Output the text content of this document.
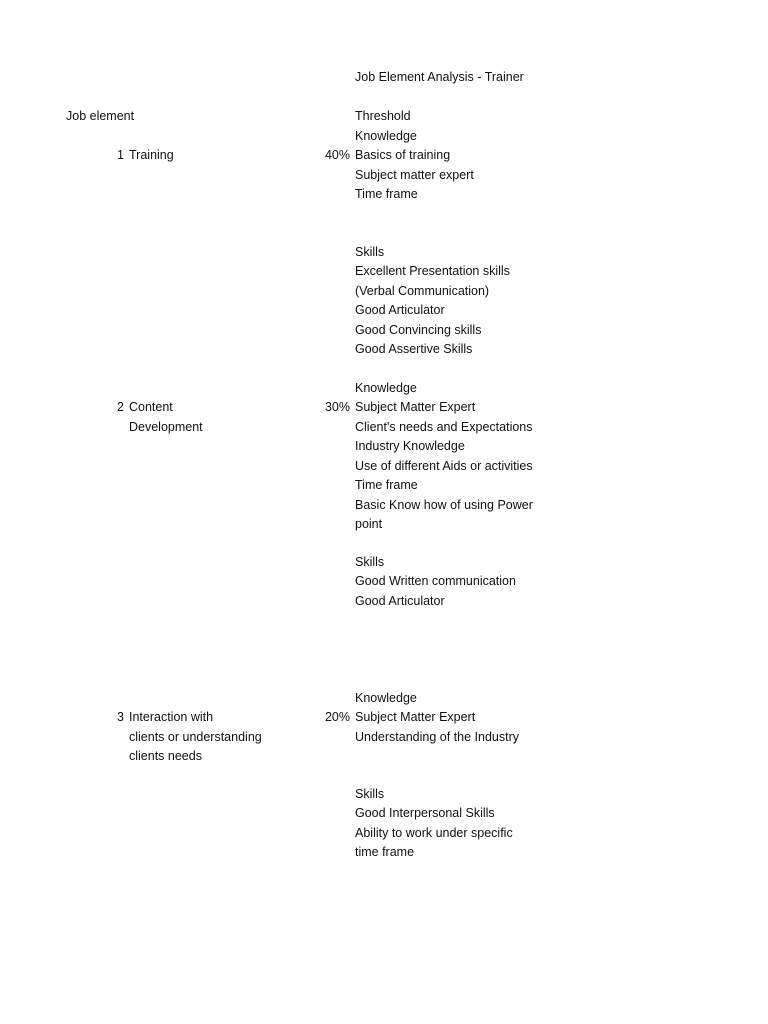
Job Element Analysis - Trainer
Job element	Threshold
Knowledge
1 Training	40% Basics of training
Subject matter expert
Time frame
Skills
Excellent Presentation skills
(Verbal Communication)
Good Articulator
Good Convincing skills
Good Assertive Skills
Knowledge
2 Content
Development
30% Subject Matter Expert
Client's needs and Expectations
Industry Knowledge
Use of different Aids or activities
Time frame
Basic Know how of using Power
point
Skills
Good Written communication
Good Articulator
Knowledge
3 Interaction with
clients or understanding
clients needs
20% Subject Matter Expert
Understanding of the Industry
Skills
Good Interpersonal Skills
Ability to work under specific
time frame
